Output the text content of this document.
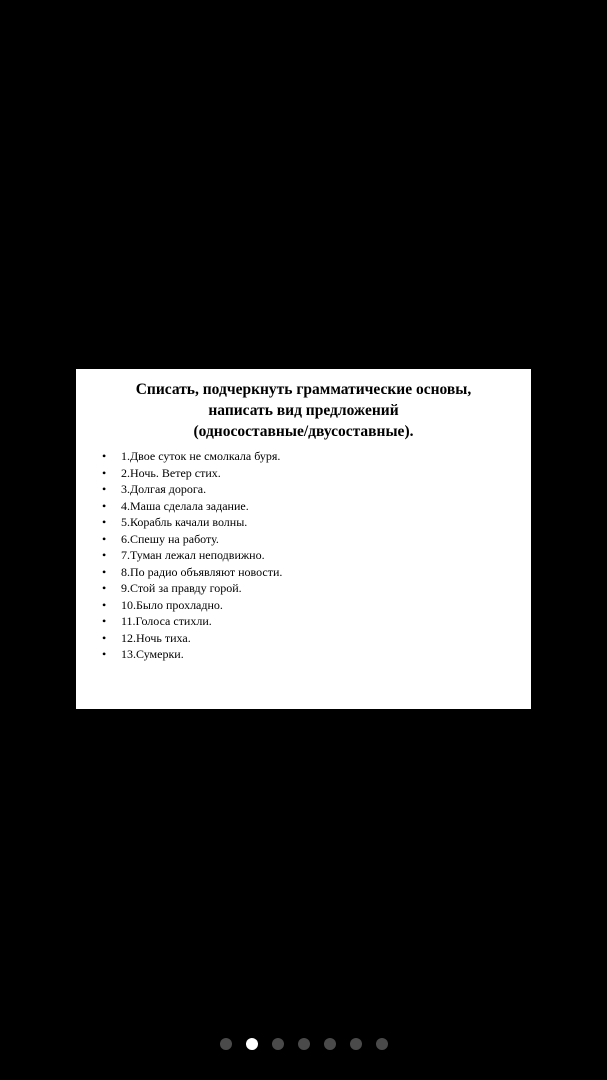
Списать, подчеркнуть грамматические основы,
написать вид предложений
(односоставные/двусоставные).
• 1.Двое суток не смолкала буря.
• 2.Ночь. Ветер стих.
• 3.Долгая дорога.
• 4.Маша сделала задание.
• 5.Корабль качали волны.
• 6.Спешу на работу.
• 7.Туман лежал неподвижно.
• 8.По радио объявляют новости.
• 9.Стой за правду горой.
• 10.Было прохладно.
• 11.Голоса стихли.
• 12.Ночь тиха.
• 13.Сумерки.
